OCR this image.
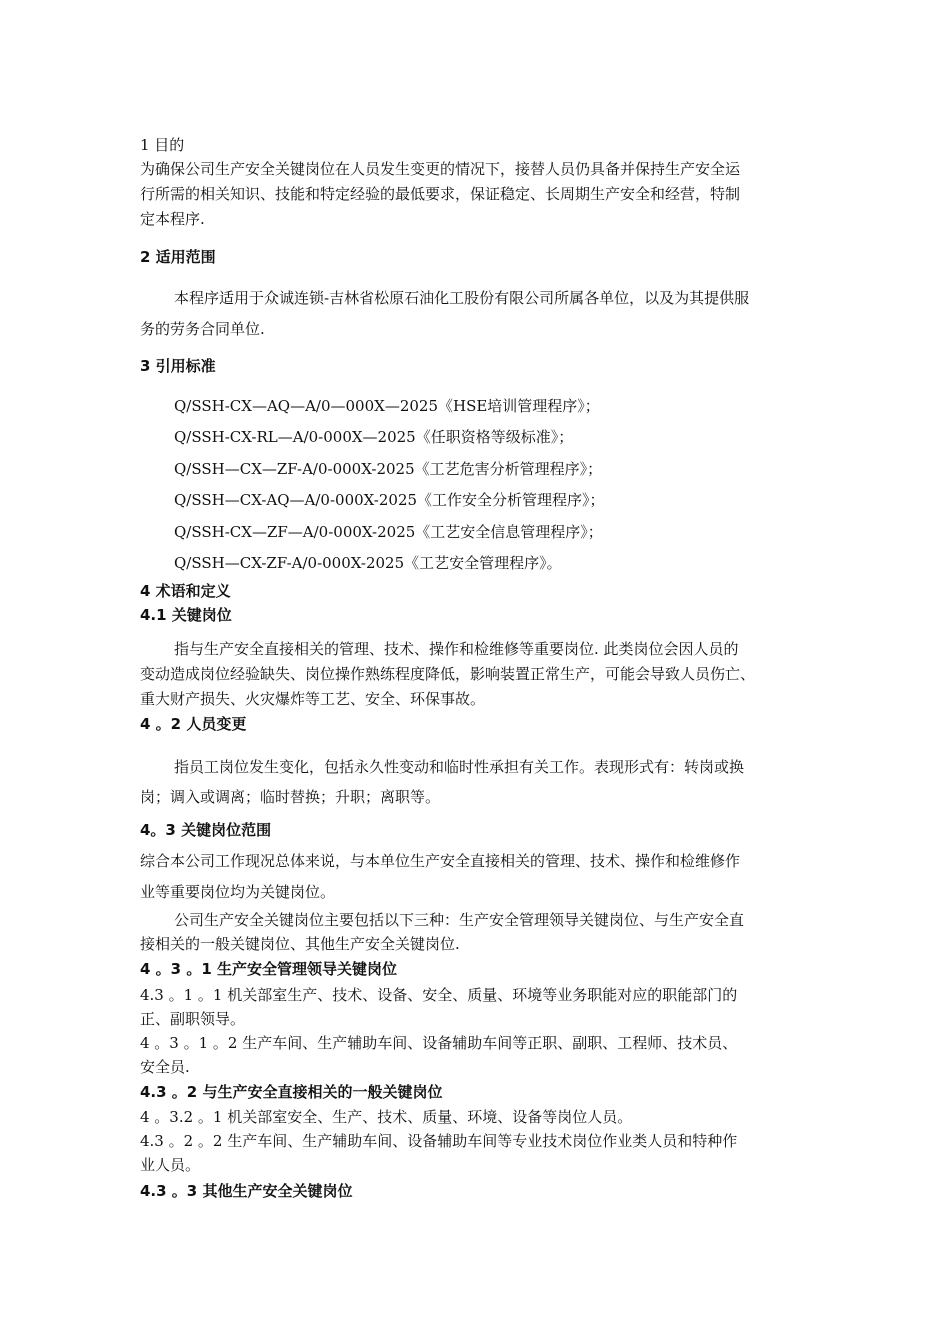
1 目的
为确保公司生产安全关键岗位在人员发生变更的情况下，接替人员仍具备并保持生产安全运
行所需的相关知识、技能和特定经验的最低要求，保证稳定、长周期生产安全和经营，特制
定本程序.
2 适用范围
本程序适用于众诚连锁-吉林省松原石油化工股份有限公司所属各单位，以及为其提供服
务的劳务合同单位.
3 引用标准
Q/SSH-CX—AQ—A/0—000X—2025《HSE培训管理程序》；
Q/SSH-CX-RL—A/0-000X—2025《任职资格等级标准》；
Q/SSH—CX—ZF-A/0-000X-2025《工艺危害分析管理程序》；
Q/SSH—CX-AQ—A/0-000X-2025《工作安全分析管理程序》；
Q/SSH-CX—ZF—A/0-000X-2025《工艺安全信息管理程序》；
Q/SSH—CX-ZF-A/0-000X-2025《工艺安全管理程序》。
4 术语和定义
4.1 关键岗位
指与生产安全直接相关的管理、技术、操作和检维修等重要岗位. 此类岗位会因人员的
变动造成岗位经验缺失、岗位操作熟练程度降低，影响装置正常生产，可能会导致人员伤亡、
重大财产损失、火灾爆炸等工艺、安全、环保事故。
4 。2 人员变更
指员工岗位发生变化，包括永久性变动和临时性承担有关工作。表现形式有：转岗或换
岗；调入或调离；临时替换；升职；离职等。
4。3 关键岗位范围
综合本公司工作现况总体来说，与本单位生产安全直接相关的管理、技术、操作和检维修作
业等重要岗位均为关键岗位。
公司生产安全关键岗位主要包括以下三种：生产安全管理领导关键岗位、与生产安全直
接相关的一般关键岗位、其他生产安全关键岗位.
4 。3 。1 生产安全管理领导关键岗位
4.3 。1 。1 机关部室生产、技术、设备、安全、质量、环境等业务职能对应的职能部门的
正、副职领导。
4 。3 。1 。2 生产车间、生产辅助车间、设备辅助车间等正职、副职、工程师、技术员、
安全员.
4.3 。2 与生产安全直接相关的一般关键岗位
4 。3.2 。1 机关部室安全、生产、技术、质量、环境、设备等岗位人员。
4.3 。2 。2 生产车间、生产辅助车间、设备辅助车间等专业技术岗位作业类人员和特种作
业人员。
4.3 。3 其他生产安全关键岗位
